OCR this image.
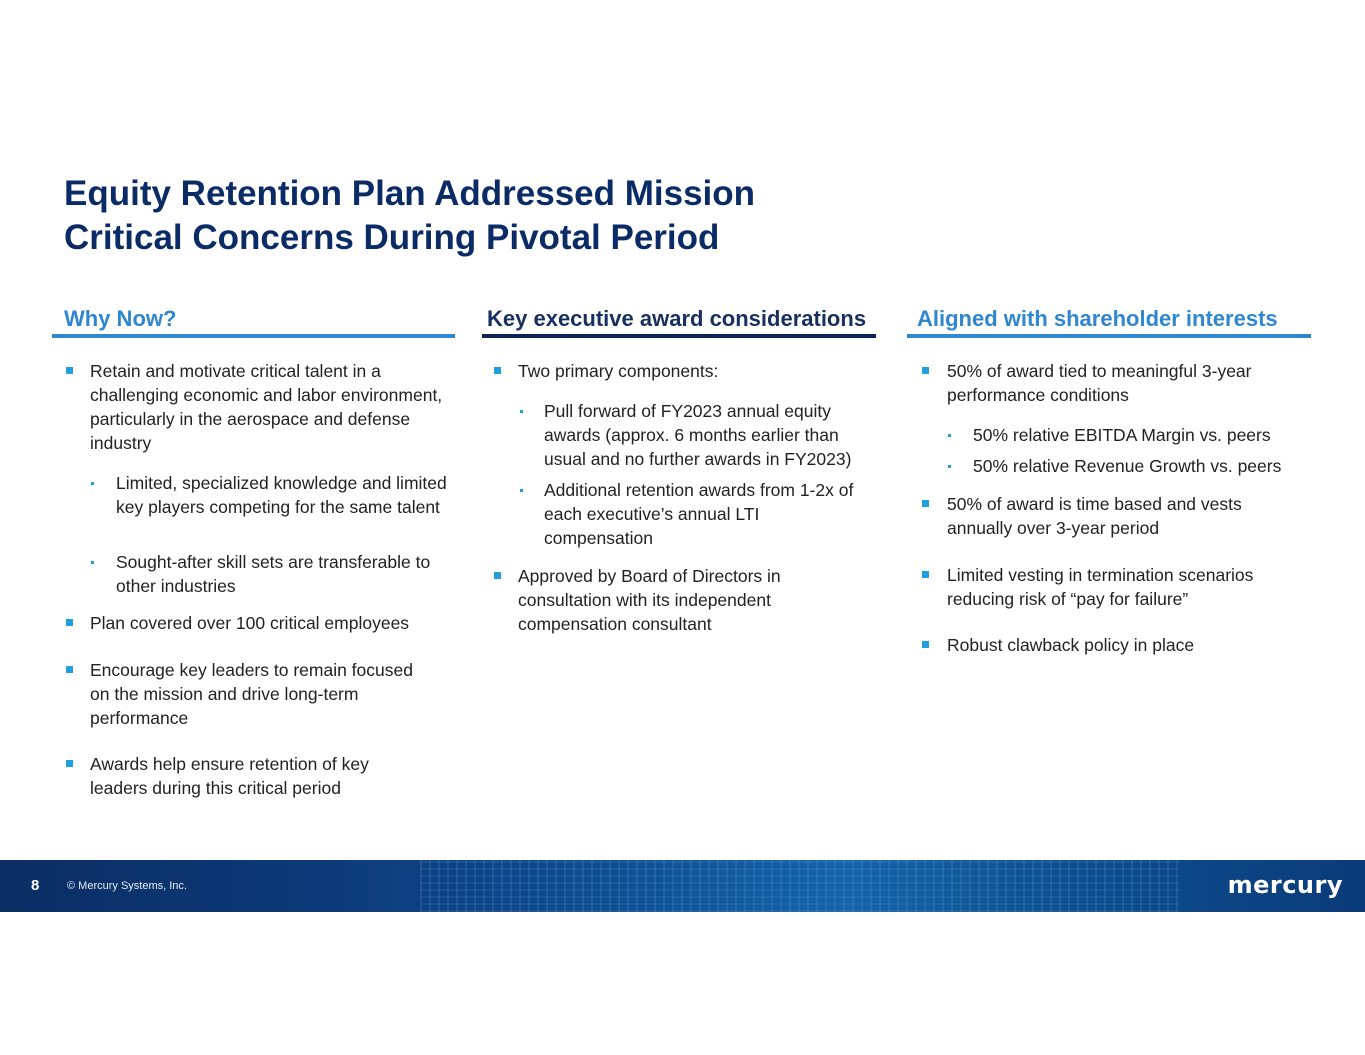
Equity Retention Plan Addressed Mission
Critical Concerns During Pivotal Period
Why Now?
Retain and motivate critical talent in a challenging economic and labor environment, particularly in the aerospace and defense industry
Limited, specialized knowledge and limited key players competing for the same talent
Sought-after skill sets are transferable to other industries
Plan covered over 100 critical employees
Encourage key leaders to remain focused on the mission and drive long-term performance
Awards help ensure retention of key leaders during this critical period
Key executive award considerations
Two primary components:
Pull forward of FY2023 annual equity awards (approx. 6 months earlier than usual and no further awards in FY2023)
Additional retention awards from 1-2x of each executive’s annual LTI compensation
Approved by Board of Directors in consultation with its independent compensation consultant
Aligned with shareholder interests
50% of award tied to meaningful 3-year performance conditions
50% relative EBITDA Margin vs. peers
50% relative Revenue Growth vs. peers
50% of award is time based and vests annually over 3-year period
Limited vesting in termination scenarios reducing risk of “pay for failure”
Robust clawback policy in place
8	© Mercury Systems, Inc.	mercury
